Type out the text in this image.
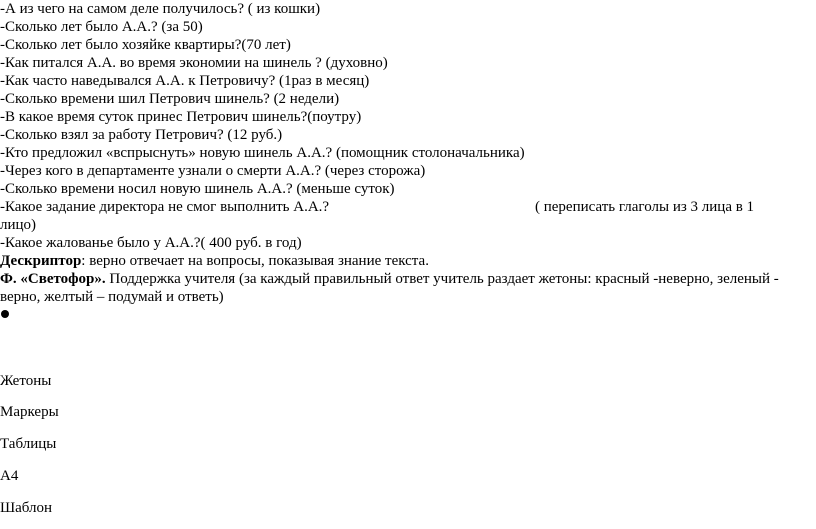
-А из чего на самом деле получилось? ( из кошки)
-Сколько лет было А.А.? (за 50)
-Сколько лет было хозяйке квартиры?(70 лет)
-Как питался А.А. во время экономии на шинель ? (духовно)
-Как часто наведывался А.А. к Петровичу? (1раз в месяц)
-Сколько времени шил Петрович шинель? (2 недели)
-В какое время суток принес Петрович шинель?(поутру)
-Сколько взял за работу Петрович? (12 руб.)
-Кто предложил «вспрыснуть» новую шинель А.А.? (помощник столоначальника)
-Через кого в департаменте узнали о смерти А.А.? (через сторожа)
-Сколько времени носил новую шинель А.А.? (меньше суток)
-Какое задание директора не смог выполнить А.А.?	( переписать глаголы из 3 лица в 1
лицо)
-Какое жалованье было у А.А.?( 400 руб. в год)
Дескриптор: верно отвечает на вопросы, показывая знание текста.
Ф. «Светофор». Поддержка учителя (за каждый правильный ответ учитель раздает жетоны: красный -неверно, зеленый - верно, желтый – подумай и ответь)
Жетоны
Маркеры
Таблицы
А4
Шаблон
